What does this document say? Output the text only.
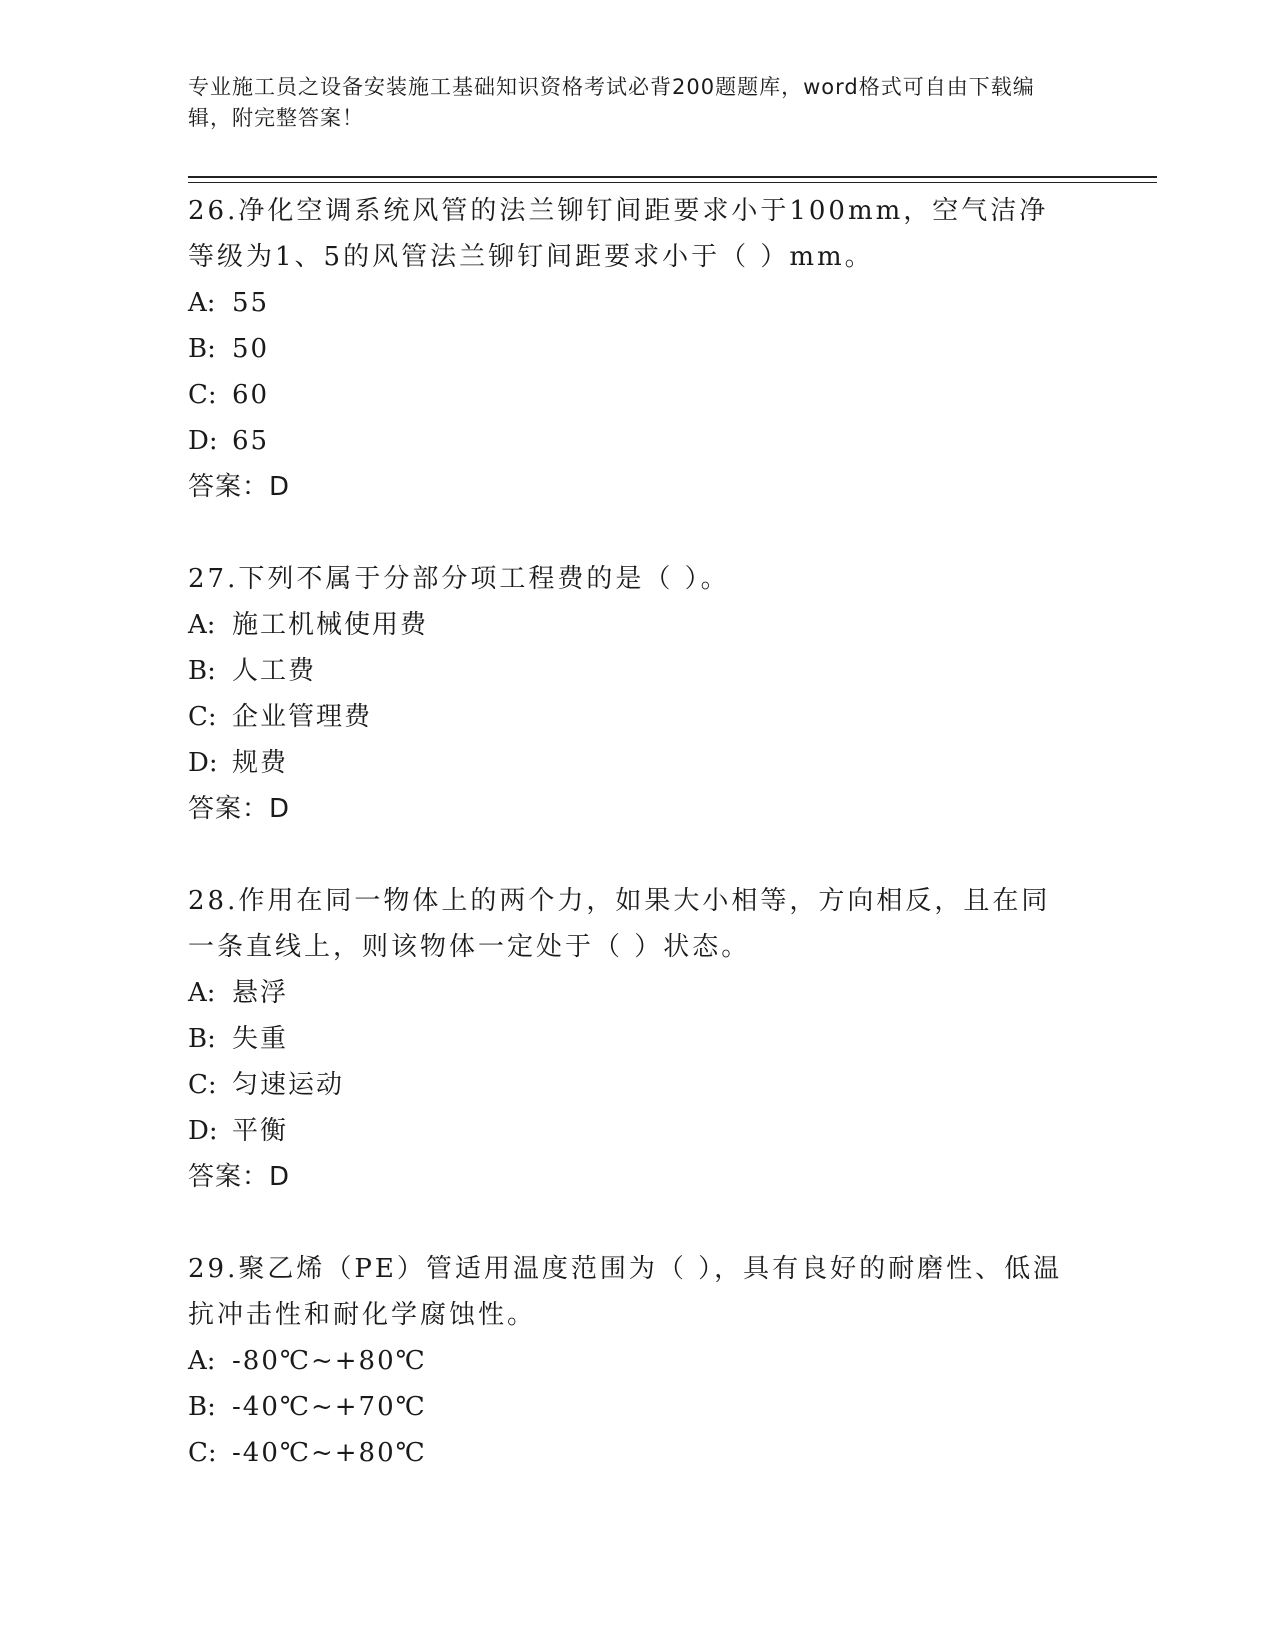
专业施工员之设备安装施工基础知识资格考试必背200题题库，word格式可自由下载编辑，附完整答案！
26.净化空调系统风管的法兰铆钉间距要求小于100mm，空气洁净等级为1、5的风管法兰铆钉间距要求小于（ ）mm。
A: 55
B: 50
C: 60
D: 65
答案：D
27.下列不属于分部分项工程费的是（ ）。
A: 施工机械使用费
B: 人工费
C: 企业管理费
D: 规费
答案：D
28.作用在同一物体上的两个力，如果大小相等，方向相反，且在同一条直线上，则该物体一定处于（ ）状态。
A: 悬浮
B: 失重
C: 匀速运动
D: 平衡
答案：D
29.聚乙烯（PE）管适用温度范围为（ ），具有良好的耐磨性、低温抗冲击性和耐化学腐蚀性。
A: -80℃~+80℃
B: -40℃~+70℃
C: -40℃~+80℃
